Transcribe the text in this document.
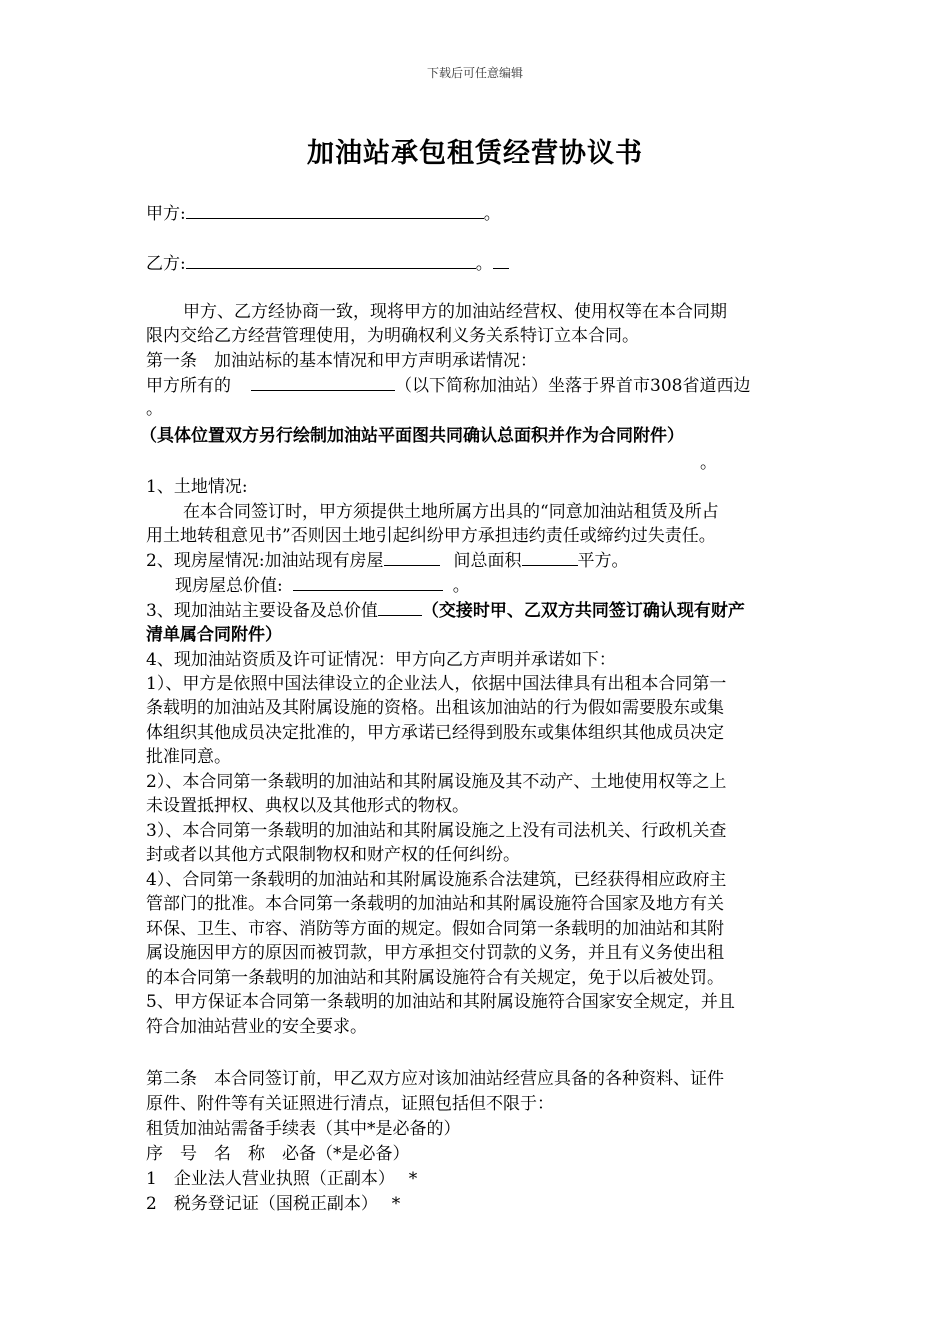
下载后可任意编辑
加油站承包租赁经营协议书
甲方:	。
乙方:	。
甲方、乙方经协商一致，现将甲方的加油站经营权、使用权等在本合同期
限内交给乙方经营管理使用，为明确权利义务关系特订立本合同。
第一条　加油站标的基本情况和甲方声明承诺情况：
甲方所有的	（以下简称加油站）坐落于界首市308省道西边
。
（具体位置双方另行绘制加油站平面图共同确认总面积并作为合同附件）
。
1、土地情况:
在本合同签订时，甲方须提供土地所属方出具的“同意加油站租赁及所占
用土地转租意见书”否则因土地引起纠纷甲方承担违约责任或缔约过失责任。
2、现房屋情况:加油站现有房屋	间总面积	平方。
现房屋总价值:	。
3、现加油站主要设备及总价值	（交接时甲、乙双方共同签订确认现有财产
清单属合同附件）
4、现加油站资质及许可证情况：甲方向乙方声明并承诺如下：
1）、甲方是依照中国法律设立的企业法人，依据中国法律具有出租本合同第一
条载明的加油站及其附属设施的资格。出租该加油站的行为假如需要股东或集
体组织其他成员决定批准的，甲方承诺已经得到股东或集体组织其他成员决定
批准同意。
2）、本合同第一条载明的加油站和其附属设施及其不动产、土地使用权等之上
未设置抵押权、典权以及其他形式的物权。
3）、本合同第一条载明的加油站和其附属设施之上没有司法机关、行政机关查
封或者以其他方式限制物权和财产权的任何纠纷。
4）、合同第一条载明的加油站和其附属设施系合法建筑，已经获得相应政府主
管部门的批准。本合同第一条载明的加油站和其附属设施符合国家及地方有关
环保、卫生、市容、消防等方面的规定。假如合同第一条载明的加油站和其附
属设施因甲方的原因而被罚款，甲方承担交付罚款的义务，并且有义务使出租
的本合同第一条载明的加油站和其附属设施符合有关规定，免于以后被处罚。
5、甲方保证本合同第一条载明的加油站和其附属设施符合国家安全规定，并且
符合加油站营业的安全要求。
第二条　本合同签订前，甲乙双方应对该加油站经营应具备的各种资料、证件
原件、附件等有关证照进行清点，证照包括但不限于：
租赁加油站需备手续表（其中*是必备的）
序　号　名　称　必备（*是必备）
1　企业法人营业执照（正副本）　 *
2　税务登记证（国税正副本）　 *
